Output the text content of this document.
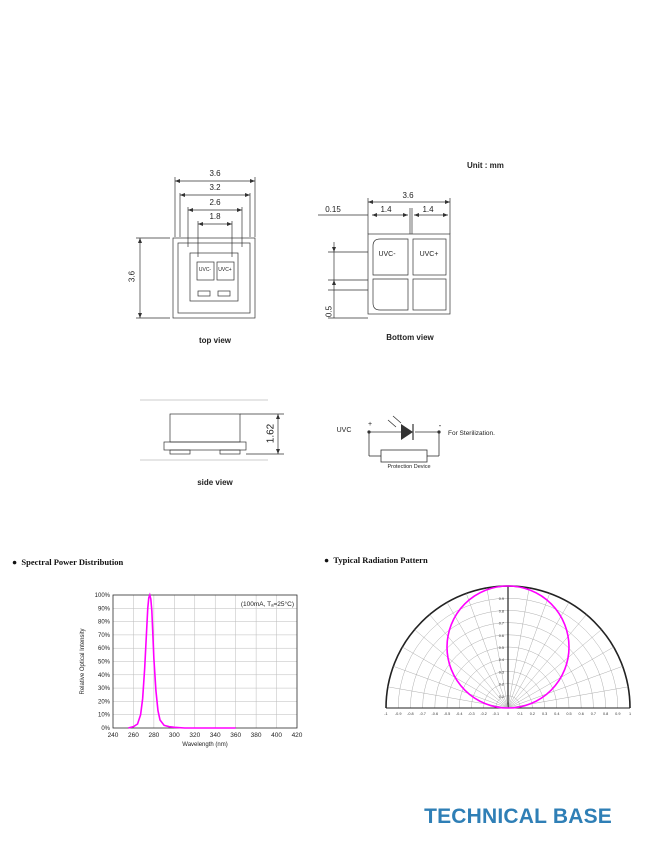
Unit : mm
3.6
3.2
2.6
1.8
3.6
UVC-	UVC+
top view
3.6
1.4	1.4
0.15
0.5
UVC-	UVC+
Bottom view
1.62
side view
UVC
+	-
For Sterilization.
Protection Device
●  Spectral Power Distribution	●  Typical Radiation Pattern
240 260 280 300 320 340 360 380 400 420
0%
10%
20%
30%
40%
50%
60%
70%
80%
90%
100%
Wavelength (nm)
Relative Optical Intensity
(100mA, Tₐ=25°C)
0.1
0.2
0.3
0.4
0.5
0.6
0.7
0.8
0.9
-1 -0.9 -0.8 -0.7 -0.6 -0.5 -0.4 -0.3 -0.2 -0.1 0 0.1 0.2 0.3 0.4 0.5 0.6 0.7 0.8 0.9 1
TECHNICAL BASE
